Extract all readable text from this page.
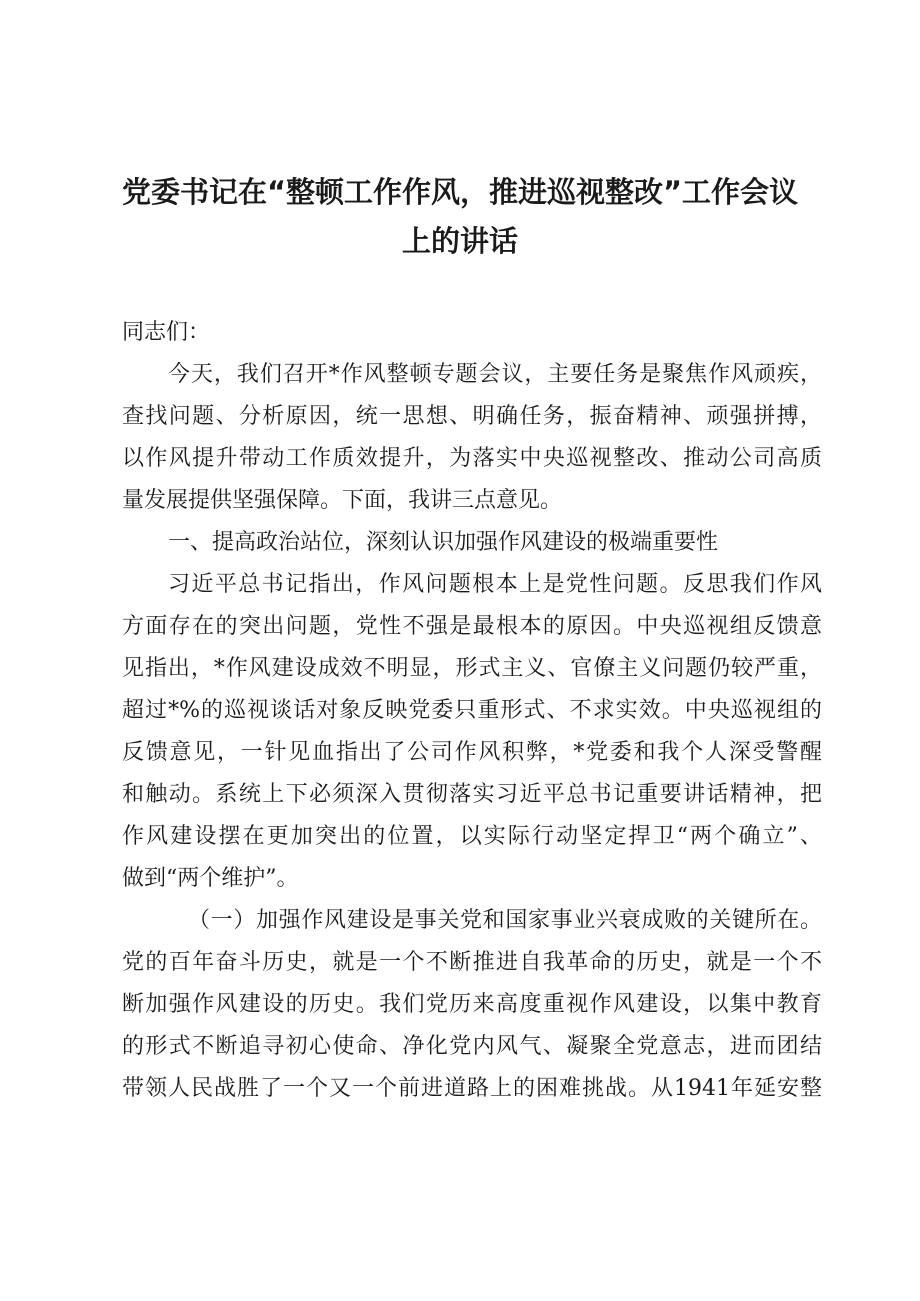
党委书记在“整顿工作作风，推进巡视整改”工作会议
上的讲话
同志们：
今天，我们召开*作风整顿专题会议，主要任务是聚焦作风顽疾，
查找问题、分析原因，统一思想、明确任务，振奋精神、顽强拼搏，
以作风提升带动工作质效提升，为落实中央巡视整改、推动公司高质
量发展提供坚强保障。下面，我讲三点意见。
一、提高政治站位，深刻认识加强作风建设的极端重要性
习近平总书记指出，作风问题根本上是党性问题。反思我们作风
方面存在的突出问题，党性不强是最根本的原因。中央巡视组反馈意
见指出，*作风建设成效不明显，形式主义、官僚主义问题仍较严重，
超过*%的巡视谈话对象反映党委只重形式、不求实效。中央巡视组的
反馈意见，一针见血指出了公司作风积弊，*党委和我个人深受警醒
和触动。系统上下必须深入贯彻落实习近平总书记重要讲话精神，把
作风建设摆在更加突出的位置，以实际行动坚定捍卫“两个确立”、
做到“两个维护”。
（一）加强作风建设是事关党和国家事业兴衰成败的关键所在。
党的百年奋斗历史，就是一个不断推进自我革命的历史，就是一个不
断加强作风建设的历史。我们党历来高度重视作风建设，以集中教育
的形式不断追寻初心使命、净化党内风气、凝聚全党意志，进而团结
带领人民战胜了一个又一个前进道路上的困难挑战。从1941年延安整
